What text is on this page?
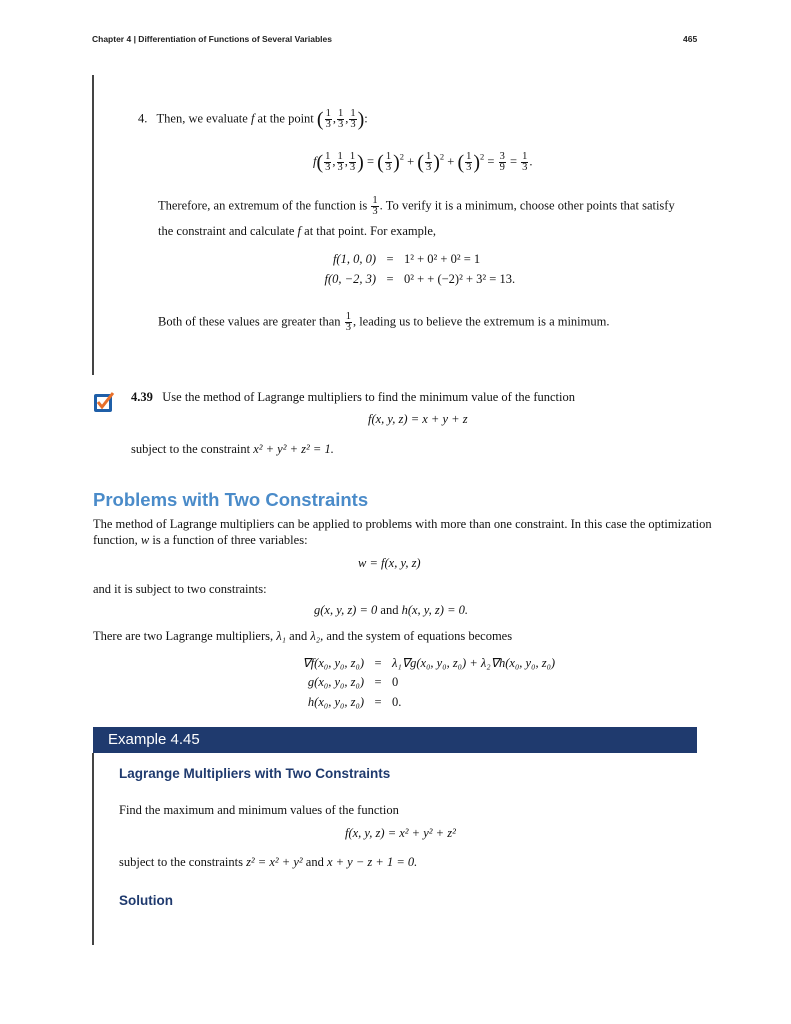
Chapter 4 | Differentiation of Functions of Several Variables	465
4. Then, we evaluate f at the point ( $\frac{1}{3}$ , $\frac{1}{3}$ , $\frac{1}{3}$ ):
$f( \frac{1}{3}$ , $\frac{1}{3}$ , $\frac{1}{3}$ ) = ( $\frac{1}{3} )^2$ + ( $\frac{1}{3} )^2$ + ( $\frac{1}{3} )^2 = \frac{3}{9} = \frac{1}{3}$ .
Therefore, an extremum of the function is $\frac{1}{3}$ . To verify it is a minimum, choose other points that satisfy
the constraint and calculate f at that point. For example,
f(1, 0, 0) = 1² + 0² + 0² = 1
f(0, −2, 3) = 0² + + (−2)² + 3² = 13.
Both of these values are greater than $\frac{1}{3}$ , leading us to believe the extremum is a minimum.
4.39 Use the method of Lagrange multipliers to find the minimum value of the function
f(x, y, z) = x + y + z
subject to the constraint x² + y² + z² = 1.
Problems with Two Constraints
The method of Lagrange multipliers can be applied to problems with more than one constraint. In this case the optimization
function, w is a function of three variables:
w = f(x, y, z)
and it is subject to two constraints:
g(x, y, z) = 0 and h(x, y, z) = 0.
There are two Lagrange multipliers, λ₁ and λ₂, and the system of equations becomes
∇f(x₀, y₀, z₀) = λ₁∇g(x₀, y₀, z₀) + λ₂∇h(x₀, y₀, z₀)
g(x₀, y₀, z₀) = 0
h(x₀, y₀, z₀) = 0.
Example 4.45
Lagrange Multipliers with Two Constraints
Find the maximum and minimum values of the function
f(x, y, z) = x² + y² + z²
subject to the constraints z² = x² + y² and x + y − z + 1 = 0.
Solution
